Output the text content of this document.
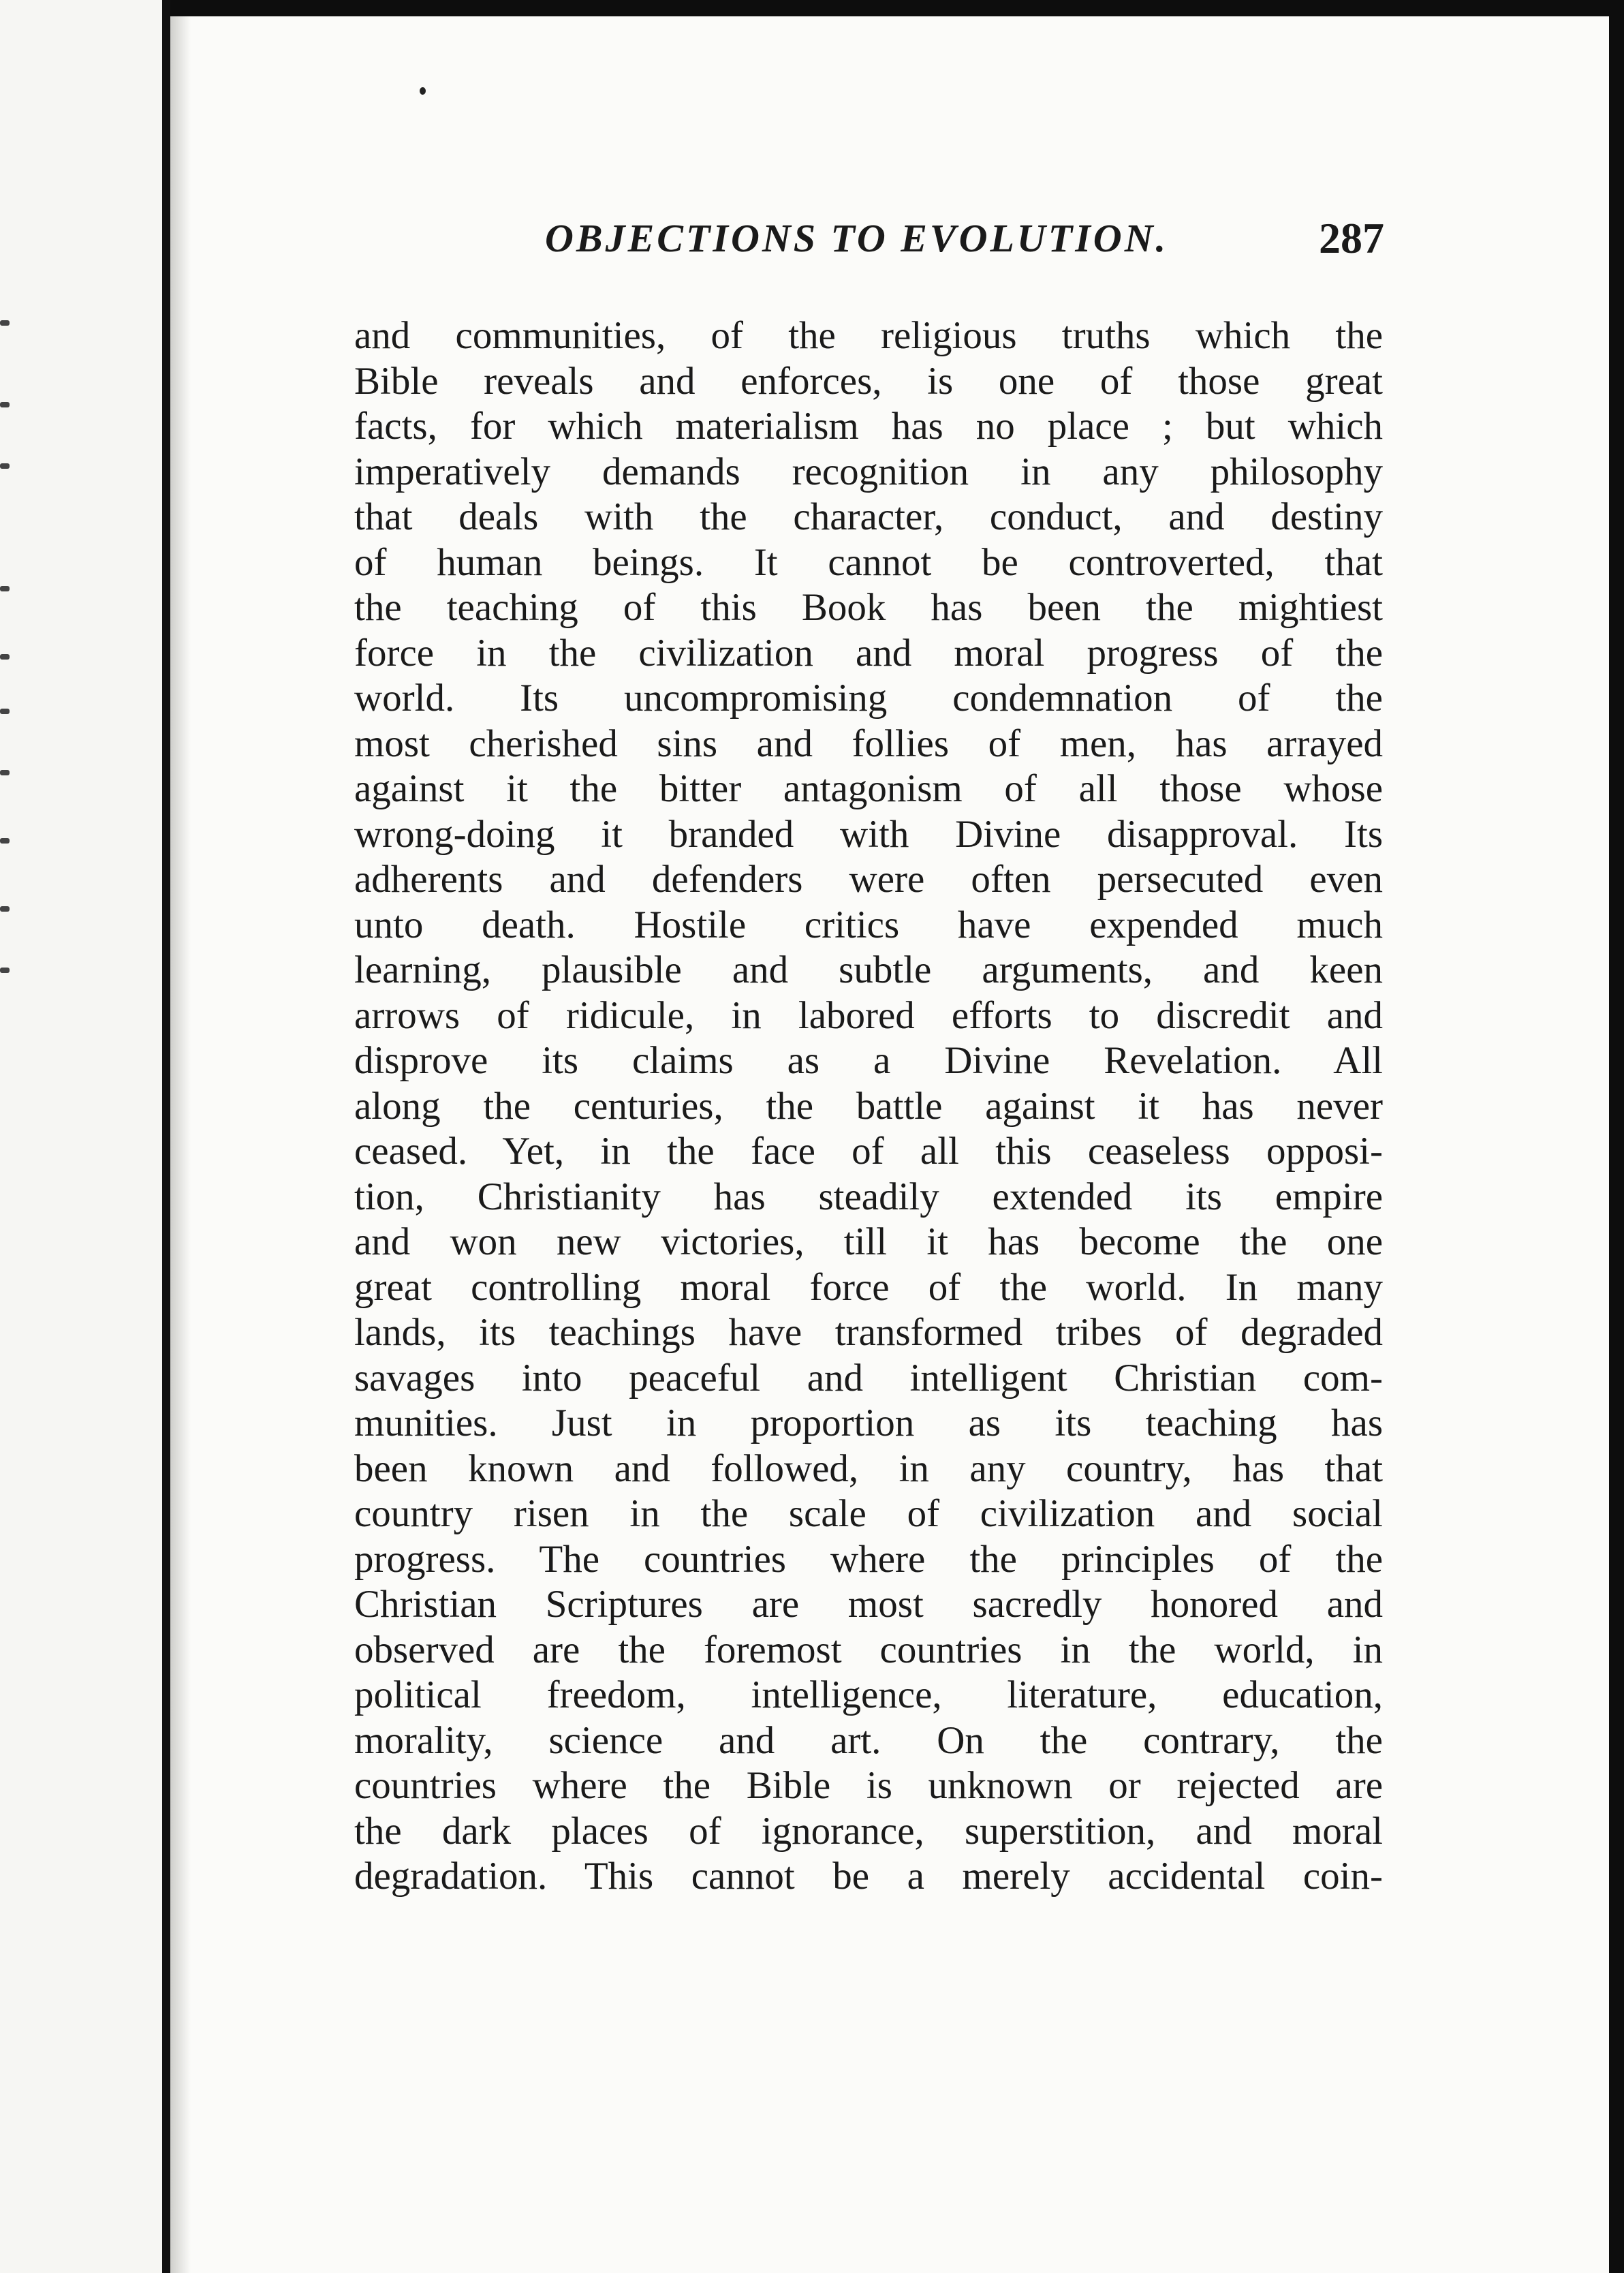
OBJECTIONS TO EVOLUTION.	287
and communities, of the religious truths which the
Bible reveals and enforces, is one of those great
facts, for which materialism has no place ; but which
imperatively demands recognition in any philosophy
that deals with the character, conduct, and destiny
of human beings. It cannot be controverted, that
the teaching of this Book has been the mightiest
force in the civilization and moral progress of the
world. Its uncompromising condemnation of the
most cherished sins and follies of men, has arrayed
against it the bitter antagonism of all those whose
wrong-doing it branded with Divine disapproval. Its
adherents and defenders were often persecuted even
unto death. Hostile critics have expended much
learning, plausible and subtle arguments, and keen
arrows of ridicule, in labored efforts to discredit and
disprove its claims as a Divine Revelation. All
along the centuries, the battle against it has never
ceased. Yet, in the face of all this ceaseless opposi-
tion, Christianity has steadily extended its empire
and won new victories, till it has become the one
great controlling moral force of the world. In many
lands, its teachings have transformed tribes of degraded
savages into peaceful and intelligent Christian com-
munities. Just in proportion as its teaching has
been known and followed, in any country, has that
country risen in the scale of civilization and social
progress. The countries where the principles of the
Christian Scriptures are most sacredly honored and
observed are the foremost countries in the world, in
political freedom, intelligence, literature, education,
morality, science and art. On the contrary, the
countries where the Bible is unknown or rejected are
the dark places of ignorance, superstition, and moral
degradation. This cannot be a merely accidental coin-
